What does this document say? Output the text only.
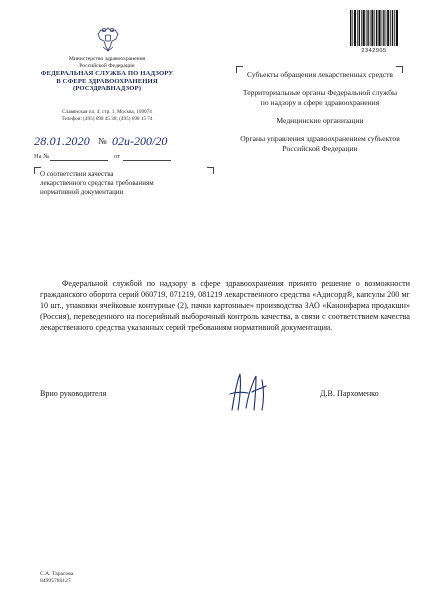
Министерство здравоохранения
Российской Федерации
ФЕДЕРАЛЬНАЯ СЛУЖБА ПО НАДЗОРУ
В СФЕРЕ ЗДРАВООХРАНЕНИЯ
(РОСЗДРАВНАДЗОР)
Славянская пл. 4, стр. 1, Москва, 109074
Телефон: (495) 698 45 38; (495) 698 15 74
28.01.2020 № 02и-200/20
На №	от
О соответствии качества
лекарственного средства требованиям
нормативной документации
2342905
Субъекты обращения лекарственных средств
Территориальные органы Федеральной службы по надзору в сфере здравоохранения
Медицинские организации
Органы управления здравоохранением субъектов Российской Федерации
Федеральной службой по надзору в сфере здравоохранения принято решение о возможности гражданского оборота серий 060719, 071219, 081219 лекарственного средства «Адисорд®, капсулы 200 мг 10 шт., упаковки ячейковые контурные (2), пачки картонные» производства ЗАО «Канонфарма продакшн» (Россия), переведенного на посерийный выборочный контроль качества, в связи с соответствием качества лекарственного средства указанных серий требованиям нормативной документации.
Врио руководителя	Д.В. Пархоменко
С.А. Тарасова
84995780127
